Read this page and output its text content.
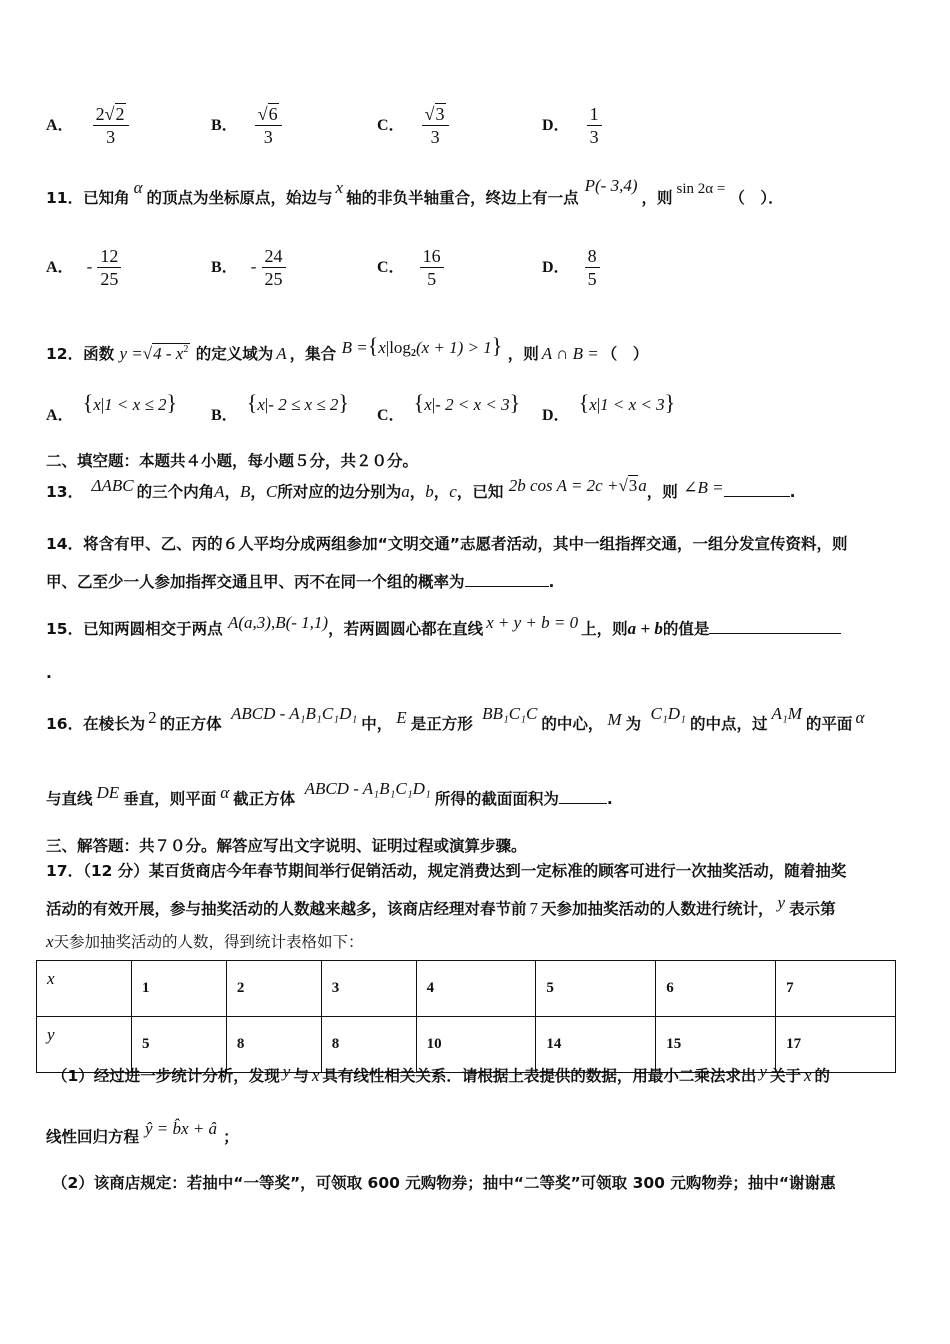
A． $\frac{2√2}{3}$	B． $\frac{√6}{3}$	C． $\frac{√3}{3}$	D． $\frac{1}{3}$
11．已知角α的顶点为坐标原点，始边与x轴的非负半轴重合，终边上有一点P(- 3,4)，则 sin 2α = （　）．
A． - $\frac{12}{25}$	B． - $\frac{24}{25}$	C． $\frac{16}{5}$	D． $\frac{8}{5}$
12．函数 $y =√4 - x^2$ 的定义域为 A ，集合 $B =\{x|\log_2(x + 1) > 1\}$ ，则 A ∩ B = （　）
A． {x|1 < x ≤ 2}
B． {x|- 2 ≤ x ≤ 2}
C． {x|- 2 < x < 3}
D． {x|1 < x < 3}
二、填空题：本题共４小题，每小题５分，共２０分。
13． ΔABC 的三个内角A，B，C所对应的边分别为a，b，c，已知 2b cos A = 2c +√3a，则 ∠B =	.
14．将含有甲、乙、丙的６人平均分成两组参加“文明交通”志愿者活动，其中一组指挥交通，一组分发宣传资料，则
甲、乙至少一人参加指挥交通且甲、丙不在同一个组的概率为	.
15．已知两圆相交于两点 A(a,3),B(- 1,1)，若两圆圆心都在直线 x + y + b = 0 上，则a + b的值是
.
16．在棱长为 2 的正方体 ABCD - A₁B₁C₁D₁中， E 是正方形 BB₁C₁C的中心， M 为 C₁D₁的中点，过A₁M的平面 α
与直线 DE 垂直，则平面 α 截正方体 ABCD - A₁B₁C₁D₁所得的截面面积为	.
三、解答题：共７０分。解答应写出文字说明、证明过程或演算步骤。
17．（12 分）某百货商店今年春节期间举行促销活动，规定消费达到一定标准的顾客可进行一次抽奖活动，随着抽奖
活动的有效开展，参与抽奖活动的人数越来越多，该商店经理对春节前 7 天参加抽奖活动的人数进行统计， y 表示第
x天参加抽奖活动的人数，得到统计表格如下：
x	1	2	3	4	5	6	7
y	5	8	8	10	14	15	17
（1）经过进一步统计分析，发现 y 与 x 具有线性相关关系．请根据上表提供的数据，用最小二乘法求出 y 关于 x 的
线性回归方程 ŷ = b̂x + â ；
（2）该商店规定：若抽中“一等奖”，可领取 600 元购物券；抽中“二等奖”可领取 300 元购物券；抽中“谢谢惠
